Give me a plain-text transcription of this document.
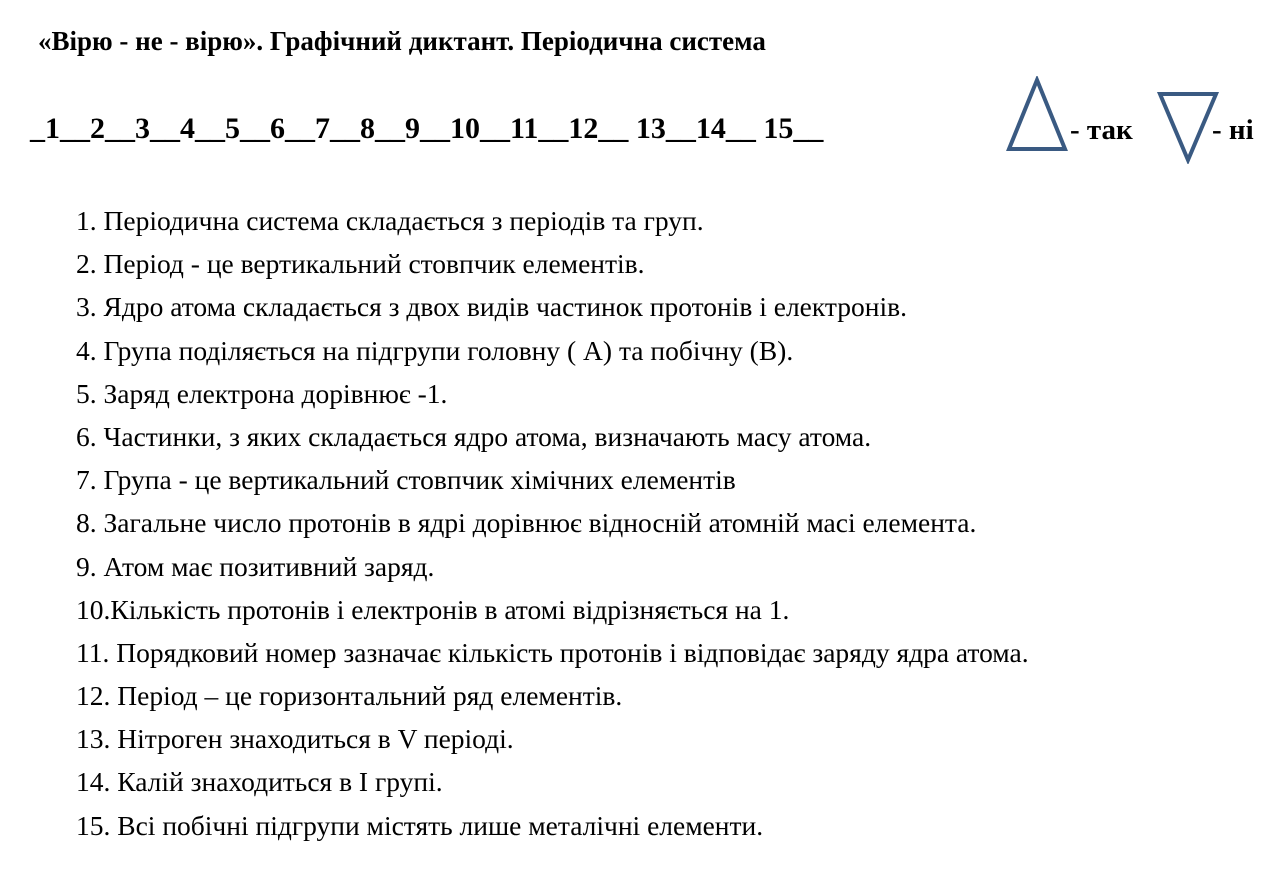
«Вірю - не - вірю». Графічний диктант. Періодична система
_1__2__3__4__5__6__7__8__9__10__11__12__ 13__14__ 15__	- так	- ні
1. Періодична система складається з періодів та груп.
2. Період - це вертикальний стовпчик елементів.
3. Ядро атома складається з двох видів частинок протонів і електронів.
4. Група поділяється на підгрупи головну ( А) та побічну (В).
5. Заряд електрона дорівнює -1.
6. Частинки, з яких складається ядро атома, визначають масу атома.
7. Група - це вертикальний стовпчик хімічних елементів
8. Загальне число протонів в ядрі дорівнює відносній атомній масі елемента.
9. Атом має позитивний заряд.
10.Кількість протонів і електронів в атомі відрізняється на 1.
11. Порядковий номер зазначає кількість протонів і відповідає заряду ядра атома.
12. Період – це горизонтальний ряд елементів.
13. Нітроген знаходиться в V періоді.
14. Калій знаходиться в I групі.
15. Всі побічні підгрупи містять лише металічні елементи.
